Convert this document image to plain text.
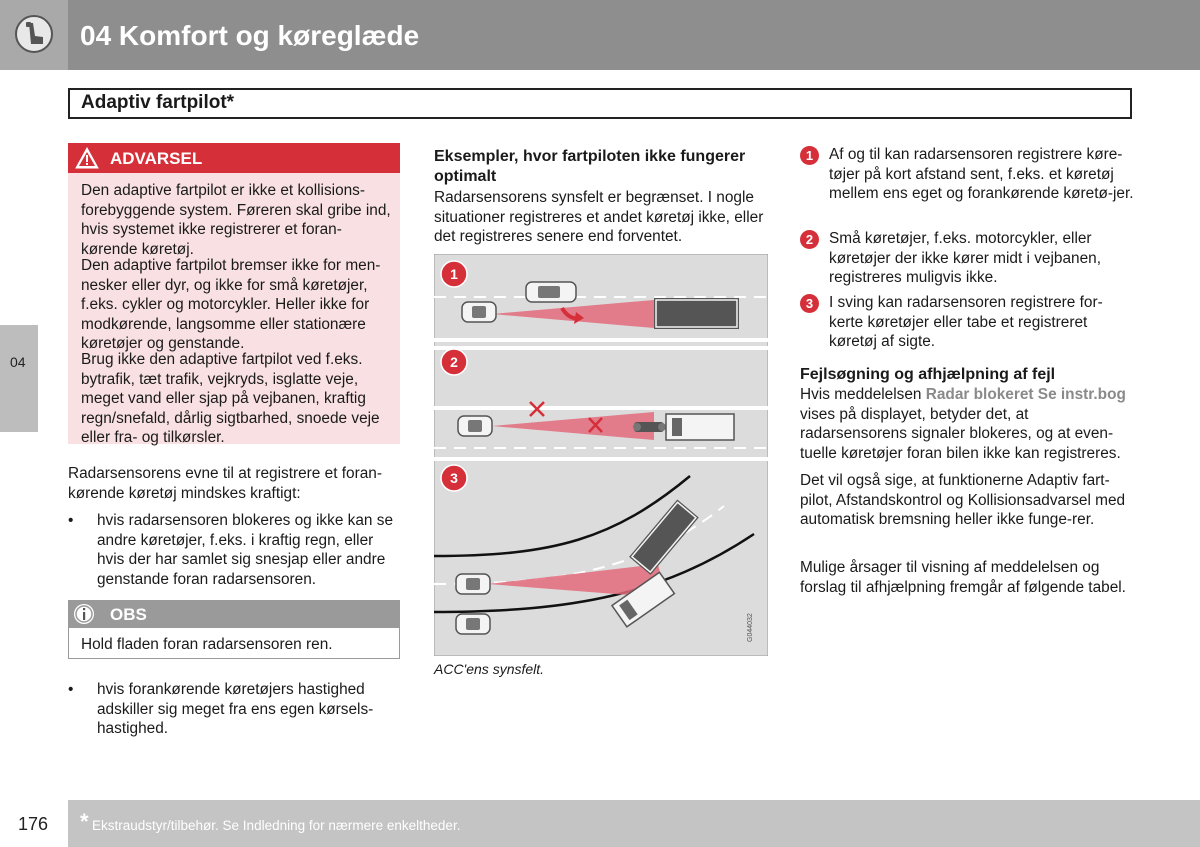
04 Komfort og køreglæde
Adaptiv fartpilot*
04
ADVARSEL
Den adaptive fartpilot er ikke et kollisions-forebyggende system. Føreren skal gribe ind, hvis systemet ikke registrerer et foran-kørende køretøj.
Den adaptive fartpilot bremser ikke for men-nesker eller dyr, og ikke for små køretøjer, f.eks. cykler og motorcykler. Heller ikke for modkørende, langsomme eller stationære køretøjer og genstande.
Brug ikke den adaptive fartpilot ved f.eks. bytrafik, tæt trafik, vejkryds, isglatte veje, meget vand eller sjap på vejbanen, kraftig regn/snefald, dårlig sigtbarhed, snoede veje eller fra- og tilkørsler.
Radarsensorens evne til at registrere et foran-kørende køretøj mindskes kraftigt:
• hvis radarsensoren blokeres og ikke kan se andre køretøjer, f.eks. i kraftig regn, eller hvis der har samlet sig snesjap eller andre genstande foran radarsensoren.
OBS
Hold fladen foran radarsensoren ren.
• hvis forankørende køretøjers hastighed adskiller sig meget fra ens egen kørsels-hastighed.
Eksempler, hvor fartpiloten ikke fungerer optimalt
Radarsensorens synsfelt er begrænset. I nogle situationer registreres et andet køretøj ikke, eller det registreres senere end forventet.
G044032
1
2
3
ACC'ens synsfelt.
1	Af og til kan radarsensoren registrere køre-tøjer på kort afstand sent, f.eks. et køretøj mellem ens eget og forankørende køretø-jer.
2	Små køretøjer, f.eks. motorcykler, eller køretøjer der ikke kører midt i vejbanen, registreres muligvis ikke.
3	I sving kan radarsensoren registrere for-kerte køretøjer eller tabe et registreret køretøj af sigte.
Fejlsøgning og afhjælpning af fejl
Hvis meddelelsen Radar blokeret Se instr.bog vises på displayet, betyder det, at radarsensorens signaler blokeres, og at even-tuelle køretøjer foran bilen ikke kan registreres.
Det vil også sige, at funktionerne Adaptiv fart-pilot, Afstandskontrol og Kollisionsadvarsel med automatisk bremsning heller ikke funge-rer.
Mulige årsager til visning af meddelelsen og forslag til afhjælpning fremgår af følgende tabel.
176 * Ekstraudstyr/tilbehør. Se Indledning for nærmere enkeltheder.
